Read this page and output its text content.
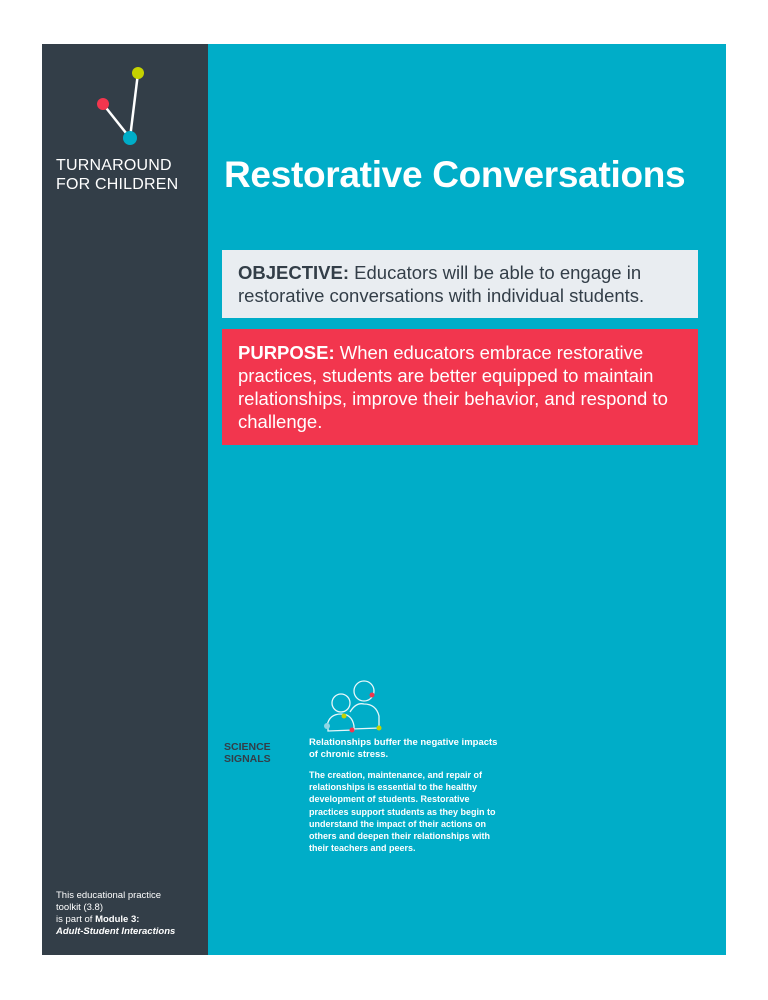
TURNAROUND
FOR CHILDREN
This educational practice
toolkit (3.8)
is part of Module 3:
Adult-Student Interactions
Restorative Conversations
OBJECTIVE: Educators will be able to engage in restorative conversations with individual students.
PURPOSE: When educators embrace restorative practices, students are better equipped to maintain relationships, improve their behavior, and respond to challenge.
SCIENCE
SIGNALS
Relationships buffer the negative impacts of chronic stress.
The creation, maintenance, and repair of relationships is essential to the healthy development of students. Restorative practices support students as they begin to understand the impact of their actions on others and deepen their relationships with their teachers and peers.
